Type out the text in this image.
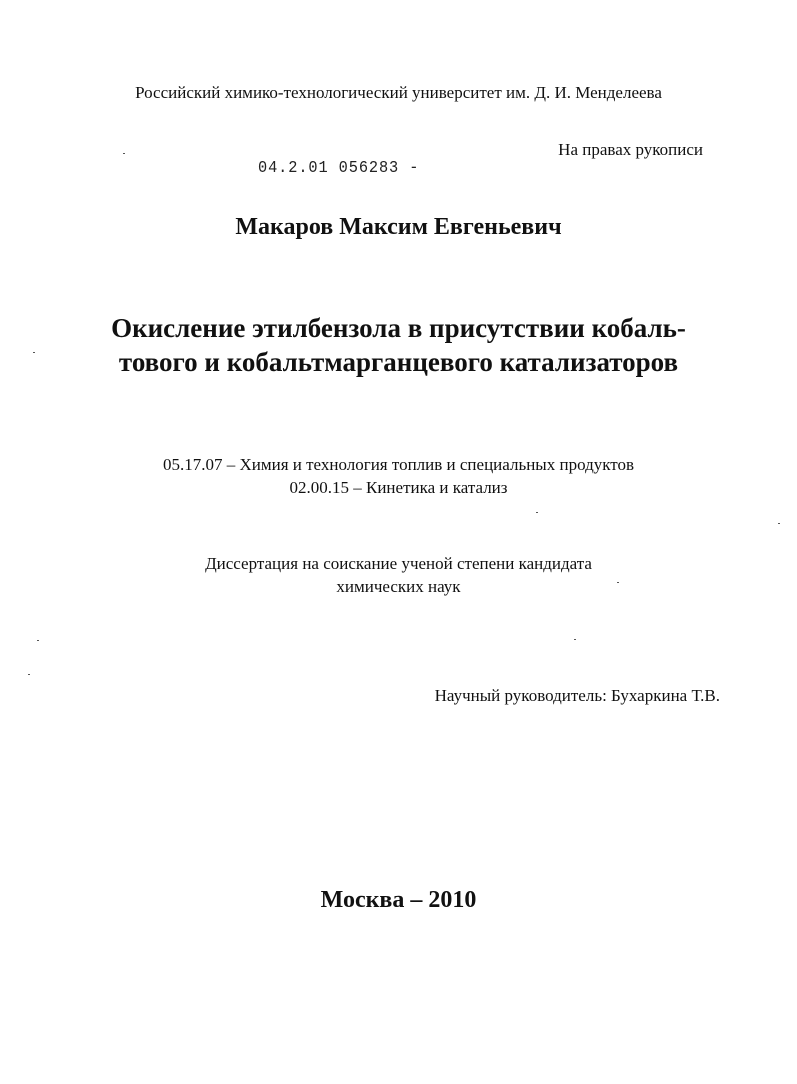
Российский химико-технологический университет им. Д. И. Менделеева
На правах рукописи
04.2.01 056283 -
Макаров Максим Евгеньевич
Окисление этилбензола в присутствии кобаль-
тового и кобальтмарганцевого катализаторов
05.17.07 – Химия и технология топлив и специальных продуктов
02.00.15 – Кинетика и катализ
Диссертация на соискание ученой степени кандидата
химических наук
Научный руководитель: Бухаркина Т.В.
Москва – 2010
